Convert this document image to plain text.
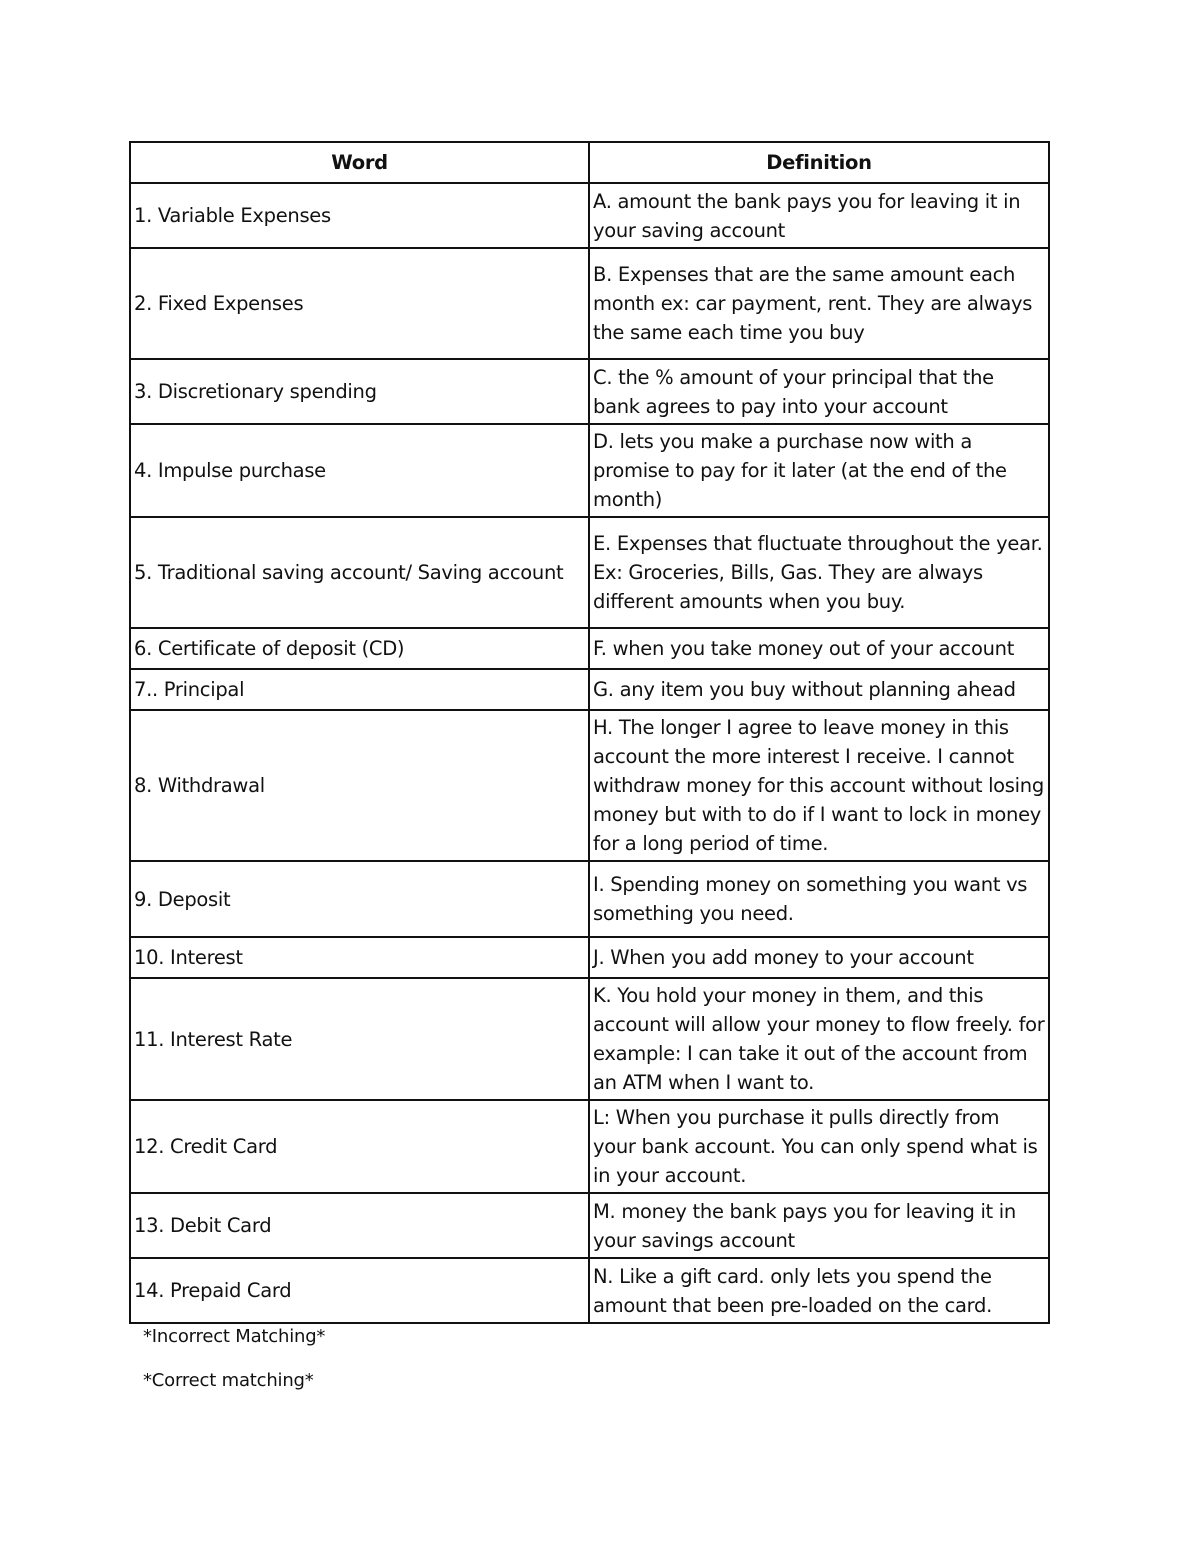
Word	Definition
1. Variable Expenses	A. amount the bank pays you for leaving it in your saving account
2. Fixed Expenses	B. Expenses that are the same amount each month ex: car payment, rent. They are always the same each time you buy
3. Discretionary spending	C. the % amount of your principal that the bank agrees to pay into your account
4. Impulse purchase	D. lets you make a purchase now with a promise to pay for it later (at the end of the month)
5. Traditional saving account/ Saving account	E. Expenses that fluctuate throughout the year. Ex: Groceries, Bills, Gas. They are always different amounts when you buy.
6. Certificate of deposit (CD)	F. when you take money out of your account
7.. Principal	G. any item you buy without planning ahead
8. Withdrawal	H. The longer I agree to leave money in this account the more interest I receive. I cannot withdraw money for this account without losing money but with to do if I want to lock in money for a long period of time.
9. Deposit	I. Spending money on something you want vs something you need.
10. Interest	J. When you add money to your account
11. Interest Rate	K. You hold your money in them, and this account will allow your money to flow freely. for example: I can take it out of the account from an ATM when I want to.
12. Credit Card	L: When you purchase it pulls directly from your bank account. You can only spend what is in your account.
13. Debit Card	M. money the bank pays you for leaving it in your savings account
14. Prepaid Card	N. Like a gift card. only lets you spend the amount that been pre-loaded on the card.
*Incorrect Matching*
*Correct matching*
